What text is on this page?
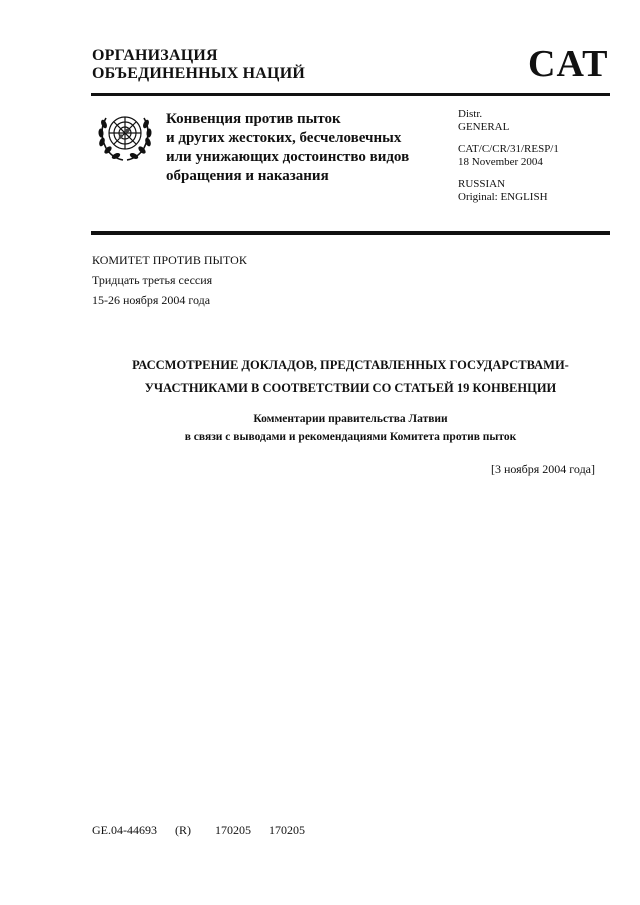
ОРГАНИЗАЦИЯ
ОБЪЕДИНЕННЫХ НАЦИЙ	CAT
Конвенция против пыток
и других жестоких, бесчеловечных
или унижающих достоинство видов
обращения и наказания
Distr.
GENERAL
CAT/C/CR/31/RESP/1
18 November 2004
RUSSIAN
Original: ENGLISH
КОМИТЕТ ПРОТИВ ПЫТОК
Тридцать третья сессия
15-26 ноября 2004 года
РАССМОТРЕНИЕ ДОКЛАДОВ, ПРЕДСТАВЛЕННЫХ ГОСУДАРСТВАМИ-
УЧАСТНИКАМИ В СООТВЕТСТВИИ СО СТАТЬЕЙ 19 КОНВЕНЦИИ
Комментарии правительства Латвии
в связи с выводами и рекомендациями Комитета против пыток
[3 ноября 2004 года]
GE.04-44693   (R)    170205   170205
